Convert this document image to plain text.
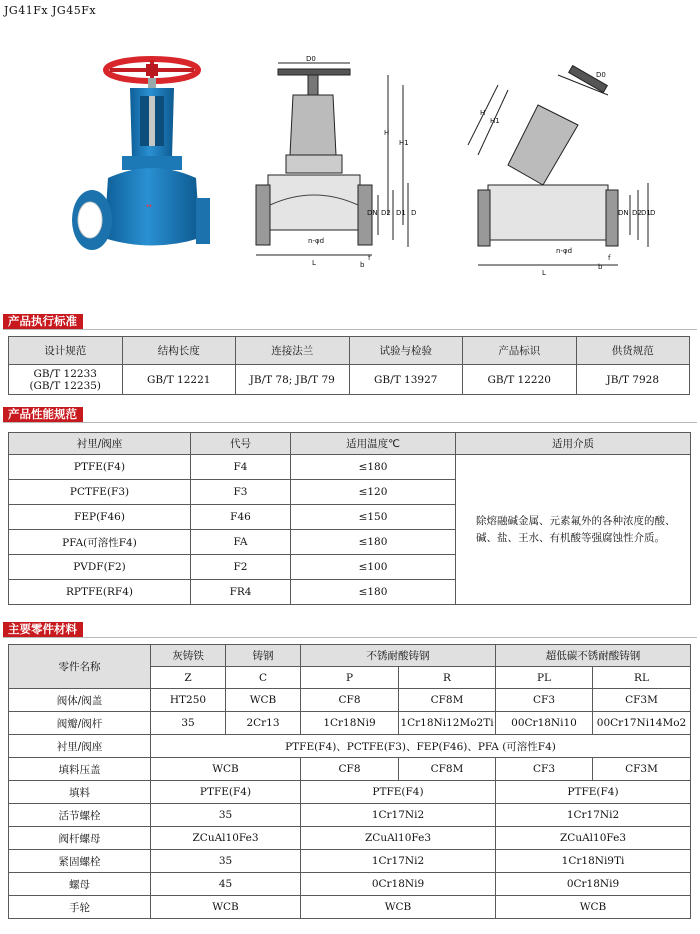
JG41Fx JG45Fx
↔
D0
H
H1
DN D2 D1 D
n-φd
f
b
L
D0
H
H1
DN D2 D1 D
n-φd
f
b
L
产品执行标准
设计规范	结构长度	连接法兰	试验与检验	产品标识	供货规范

GB/T 12233
(GB/T 12235)	GB/T 12221	JB/T 78; JB/T 79	GB/T 13927	GB/T 12220	JB/T 7928
产品性能规范
衬里/阀座	代号	适用温度℃	适用介质
PTFE(F4)	F4	≤180	除熔融碱金属、元素氟外的各种浓度的酸、碱、盐、王水、有机酸等强腐蚀性介质。
PCTFE(F3)	F3	≤120	
FEP(F46)	F46	≤150	
PFA(可溶性F4)	FA	≤180	
PVDF(F2)	F2	≤100	
RPTFE(RF4)	FR4	≤180	
主要零件材料
零件名称	灰铸铁	铸钢	不锈耐酸铸钢		超低碳不锈耐酸铸钢	
	Z	C	P	R	PL	RL
阀体/阀盖	HT250	WCB	CF8	CF8M	CF3	CF3M
阀瓣/阀杆	35	2Cr13	1Cr18Ni9	1Cr18Ni12Mo2Ti	00Cr18Ni10	00Cr17Ni14Mo2
衬里/阀座	PTFE(F4)、PCTFE(F3)、FEP(F46)、PFA (可溶性F4)					
填料压盖	WCB		CF8	CF8M	CF3	CF3M
填料	PTFE(F4)		PTFE(F4)		PTFE(F4)	
活节螺栓	35		1Cr17Ni2		1Cr17Ni2	
阀杆螺母	ZCuAl10Fe3		ZCuAl10Fe3		ZCuAl10Fe3	
紧固螺栓	35		1Cr17Ni2		1Cr18Ni9Ti	
螺母	45		0Cr18Ni9		0Cr18Ni9	
手轮	WCB		WCB		WCB	
